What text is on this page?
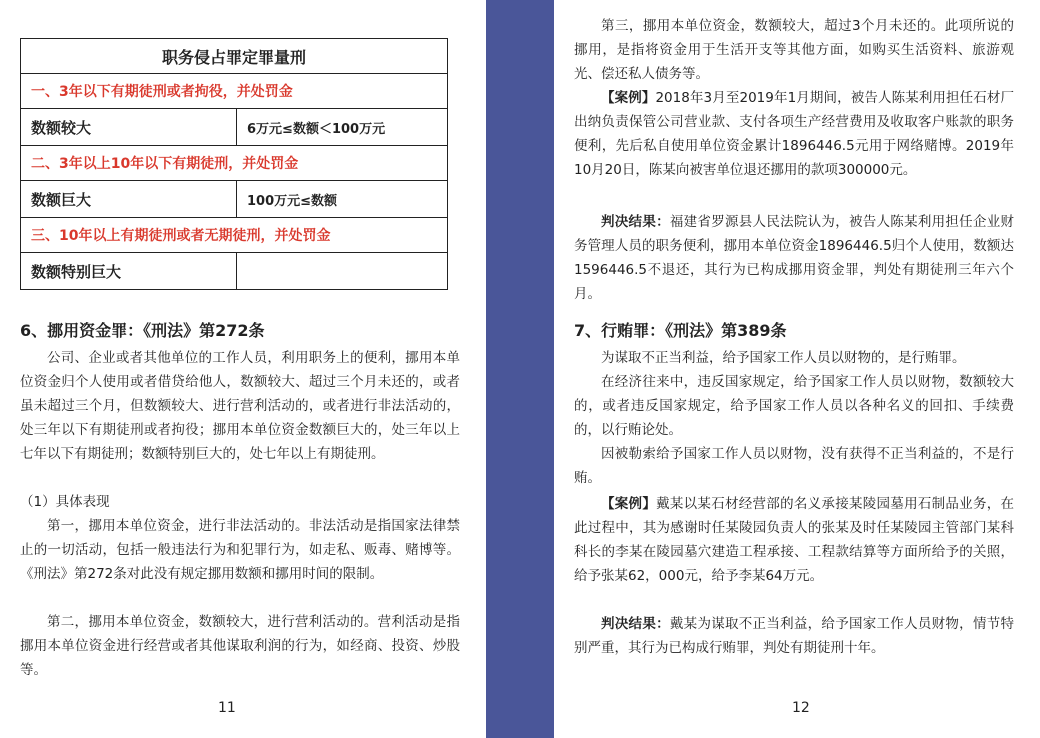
职务侵占罪定罪量刑	
一、3年以下有期徒刑或者拘役，并处罚金	
数额较大	6万元≤数额＜100万元
二、3年以上10年以下有期徒刑，并处罚金	
数额巨大	100万元≤数额
三、10年以上有期徒刑或者无期徒刑，并处罚金	
数额特别巨大	
6、挪用资金罪：《刑法》第272条

公司、企业或者其他单位的工作人员，利用职务上的便利，挪用本单位资金归个人使用或者借贷给他人，数额较大、超过三个月未还的，或者虽未超过三个月，但数额较大、进行营利活动的，或者进行非法活动的，处三年以下有期徒刑或者拘役；挪用本单位资金数额巨大的，处三年以上七年以下有期徒刑；数额特别巨大的，处七年以上有期徒刑。

（1）具体表现

第一，挪用本单位资金，进行非法活动的。非法活动是指国家法律禁止的一切活动，包括一般违法行为和犯罪行为，如走私、贩毒、赌博等。《刑法》第272条对此没有规定挪用数额和挪用时间的限制。

第二，挪用本单位资金，数额较大，进行营利活动的。营利活动是指挪用本单位资金进行经营或者其他谋取利润的行为，如经商、投资、炒股等。

11

第三，挪用本单位资金，数额较大，超过3个月未还的。此项所说的挪用，是指将资金用于生活开支等其他方面，如购买生活资料、旅游观光、偿还私人债务等。

【案例】2018年3月至2019年1月期间，被告人陈某利用担任石材厂出纳负责保管公司营业款、支付各项生产经营费用及收取客户账款的职务便利，先后私自使用单位资金累计1896446.5元用于网络赌博。2019年10月20日，陈某向被害单位退还挪用的款项300000元。

判决结果：福建省罗源县人民法院认为，被告人陈某利用担任企业财务管理人员的职务便利，挪用本单位资金1896446.5归个人使用，数额达1596446.5不退还，其行为已构成挪用资金罪，判处有期徒刑三年六个月。

7、行贿罪：《刑法》第389条

为谋取不正当利益，给予国家工作人员以财物的，是行贿罪。

在经济往来中，违反国家规定，给予国家工作人员以财物，数额较大的，或者违反国家规定，给予国家工作人员以各种名义的回扣、手续费的，以行贿论处。

因被勒索给予国家工作人员以财物，没有获得不正当利益的，不是行贿。

【案例】戴某以某石材经营部的名义承接某陵园墓用石制品业务，在此过程中，其为感谢时任某陵园负责人的张某及时任某陵园主管部门某科科长的李某在陵园墓穴建造工程承接、工程款结算等方面所给予的关照，给予张某62，000元，给予李某64万元。

判决结果：戴某为谋取不正当利益，给予国家工作人员财物，情节特别严重，其行为已构成行贿罪，判处有期徒刑十年。

12
